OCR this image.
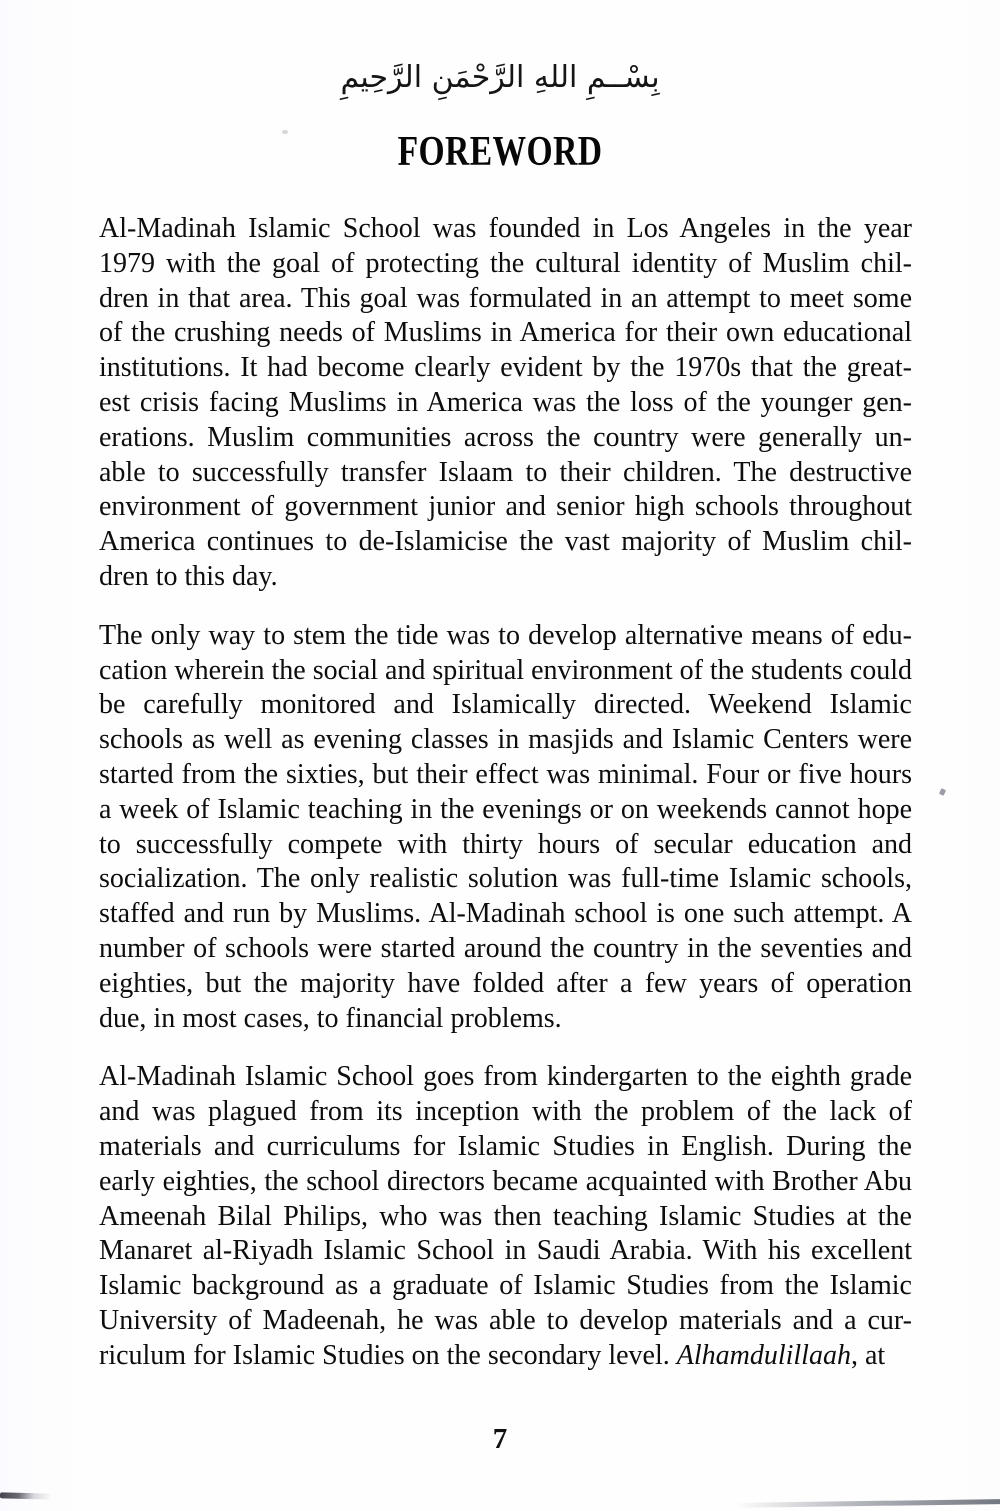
بِسْــمِ اللهِ الرَّحْمَنِ الرَّحِيمِ
FOREWORD
Al-Madinah Islamic School was founded in Los Angeles in the year
1979 with the goal of protecting the cultural identity of Muslim chil-
dren in that area. This goal was formulated in an attempt to meet some
of the crushing needs of Muslims in America for their own educational
institutions. It had become clearly evident by the 1970s that the great-
est crisis facing Muslims in America was the loss of the younger gen-
erations. Muslim communities across the country were generally un-
able to successfully transfer Islaam to their children. The destructive
environment of government junior and senior high schools throughout
America continues to de-Islamicise the vast majority of Muslim chil-
dren to this day.
The only way to stem the tide was to develop alternative means of edu-
cation wherein the social and spiritual environment of the students could
be carefully monitored and Islamically directed. Weekend Islamic
schools as well as evening classes in masjids and Islamic Centers were
started from the sixties, but their effect was minimal. Four or five hours
a week of Islamic teaching in the evenings or on weekends cannot hope
to successfully compete with thirty hours of secular education and
socialization. The only realistic solution was full-time Islamic schools,
staffed and run by Muslims. Al-Madinah school is one such attempt. A
number of schools were started around the country in the seventies and
eighties, but the majority have folded after a few years of operation
due, in most cases, to financial problems.
Al-Madinah Islamic School goes from kindergarten to the eighth grade
and was plagued from its inception with the problem of the lack of
materials and curriculums for Islamic Studies in English. During the
early eighties, the school directors became acquainted with Brother Abu
Ameenah Bilal Philips, who was then teaching Islamic Studies at the
Manaret al-Riyadh Islamic School in Saudi Arabia. With his excellent
Islamic background as a graduate of Islamic Studies from the Islamic
University of Madeenah, he was able to develop materials and a cur-
riculum for Islamic Studies on the secondary level. Alhamdulillaah, at
7
